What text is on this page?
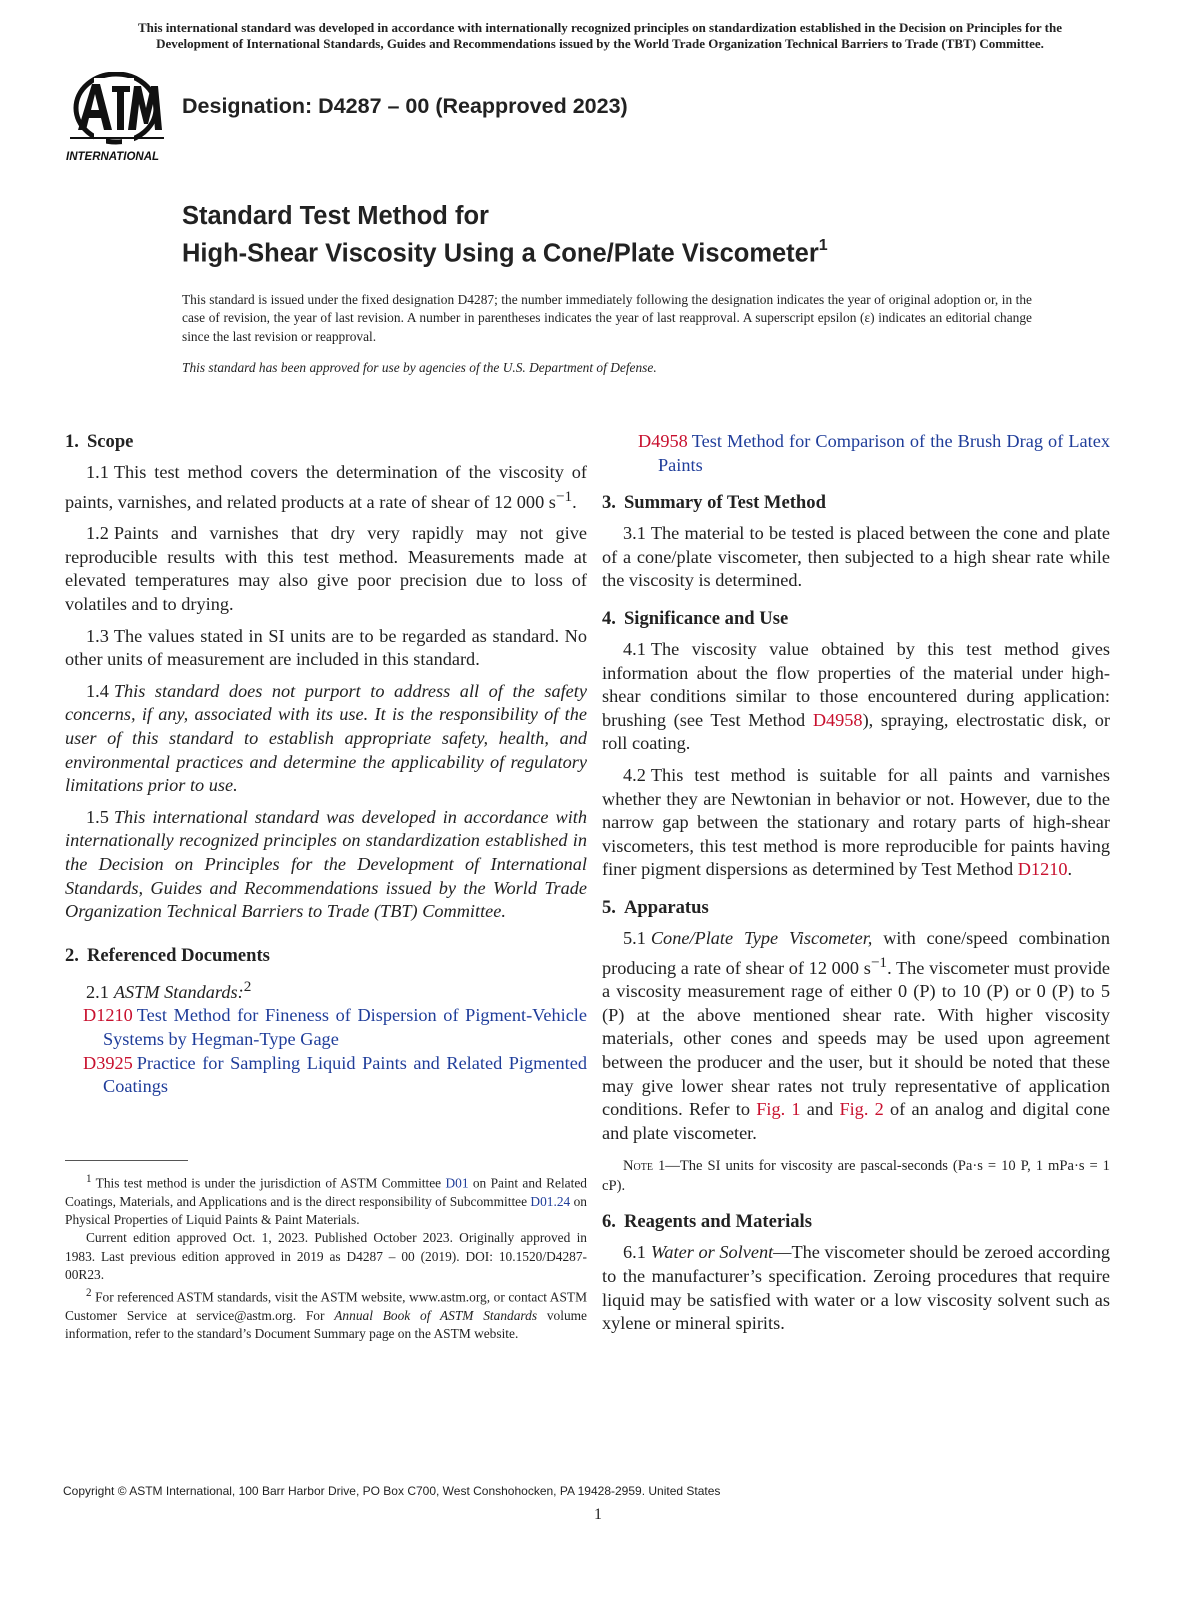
This international standard was developed in accordance with internationally recognized principles on standardization established in the Decision on Principles for the
Development of International Standards, Guides and Recommendations issued by the World Trade Organization Technical Barriers to Trade (TBT) Committee.
INTERNATIONAL
Designation: D4287 – 00 (Reapproved 2023)
Standard Test Method for
High-Shear Viscosity Using a Cone/Plate Viscometer$^1$
This standard is issued under the fixed designation D4287; the number immediately following the designation indicates the year of original adoption or, in the case of revision, the year of last revision. A number in parentheses indicates the year of last reapproval. A superscript epsilon (ε) indicates an editorial change since the last revision or reapproval.
This standard has been approved for use by agencies of the U.S. Department of Defense.
1. Scope

1.1 This test method covers the determination of the viscosity of paints, varnishes, and related products at a rate of shear of 12 000 $s^{-1}$.

1.2 Paints and varnishes that dry very rapidly may not give reproducible results with this test method. Measurements made at elevated temperatures may also give poor precision due to loss of volatiles and to drying.

1.3 The values stated in SI units are to be regarded as standard. No other units of measurement are included in this standard.

1.4 This standard does not purport to address all of the safety concerns, if any, associated with its use. It is the responsibility of the user of this standard to establish appropriate safety, health, and environmental practices and determine the applicability of regulatory limitations prior to use.

1.5 This international standard was developed in accordance with internationally recognized principles on standardization established in the Decision on Principles for the Development of International Standards, Guides and Recommendations issued by the World Trade Organization Technical Barriers to Trade (TBT) Committee.

2. Referenced Documents

2.1 ASTM Standards:$^2$

D1210 Test Method for Fineness of Dispersion of Pigment-Vehicle Systems by Hegman-Type Gage

D3925 Practice for Sampling Liquid Paints and Related Pigmented Coatings

$^1$ This test method is under the jurisdiction of ASTM Committee D01 on Paint and Related Coatings, Materials, and Applications and is the direct responsibility of Subcommittee D01.24 on Physical Properties of Liquid Paints & Paint Materials.

Current edition approved Oct. 1, 2023. Published October 2023. Originally approved in 1983. Last previous edition approved in 2019 as D4287 – 00 (2019). DOI: 10.1520/D4287-00R23.

$^2$ For referenced ASTM standards, visit the ASTM website, www.astm.org, or contact ASTM Customer Service at service@astm.org. For Annual Book of ASTM Standards volume information, refer to the standard’s Document Summary page on the ASTM website.

D4958 Test Method for Comparison of the Brush Drag of Latex Paints

3. Summary of Test Method

3.1 The material to be tested is placed between the cone and plate of a cone/plate viscometer, then subjected to a high shear rate while the viscosity is determined.

4. Significance and Use

4.1 The viscosity value obtained by this test method gives information about the flow properties of the material under high-shear conditions similar to those encountered during application: brushing (see Test Method D4958), spraying, electrostatic disk, or roll coating.

4.2 This test method is suitable for all paints and varnishes whether they are Newtonian in behavior or not. However, due to the narrow gap between the stationary and rotary parts of high-shear viscometers, this test method is more reproducible for paints having finer pigment dispersions as determined by Test Method D1210.

5. Apparatus

5.1 Cone/Plate Type Viscometer, with cone/speed combination producing a rate of shear of 12 000 $s^{-1}$. The viscometer must provide a viscosity measurement rage of either 0 (P) to 10 (P) or 0 (P) to 5 (P) at the above mentioned shear rate. With higher viscosity materials, other cones and speeds may be used upon agreement between the producer and the user, but it should be noted that these may give lower shear rates not truly representative of application conditions. Refer to Fig. 1 and Fig. 2 of an analog and digital cone and plate viscometer.

Note 1—The SI units for viscosity are pascal-seconds (Pa·s = 10 P, 1 mPa·s = 1 cP).

6. Reagents and Materials

6.1 Water or Solvent—The viscometer should be zeroed according to the manufacturer’s specification. Zeroing procedures that require liquid may be satisfied with water or a low viscosity solvent such as xylene or mineral spirits.

Copyright © ASTM International, 100 Barr Harbor Drive, PO Box C700, West Conshohocken, PA 19428-2959. United States
1
